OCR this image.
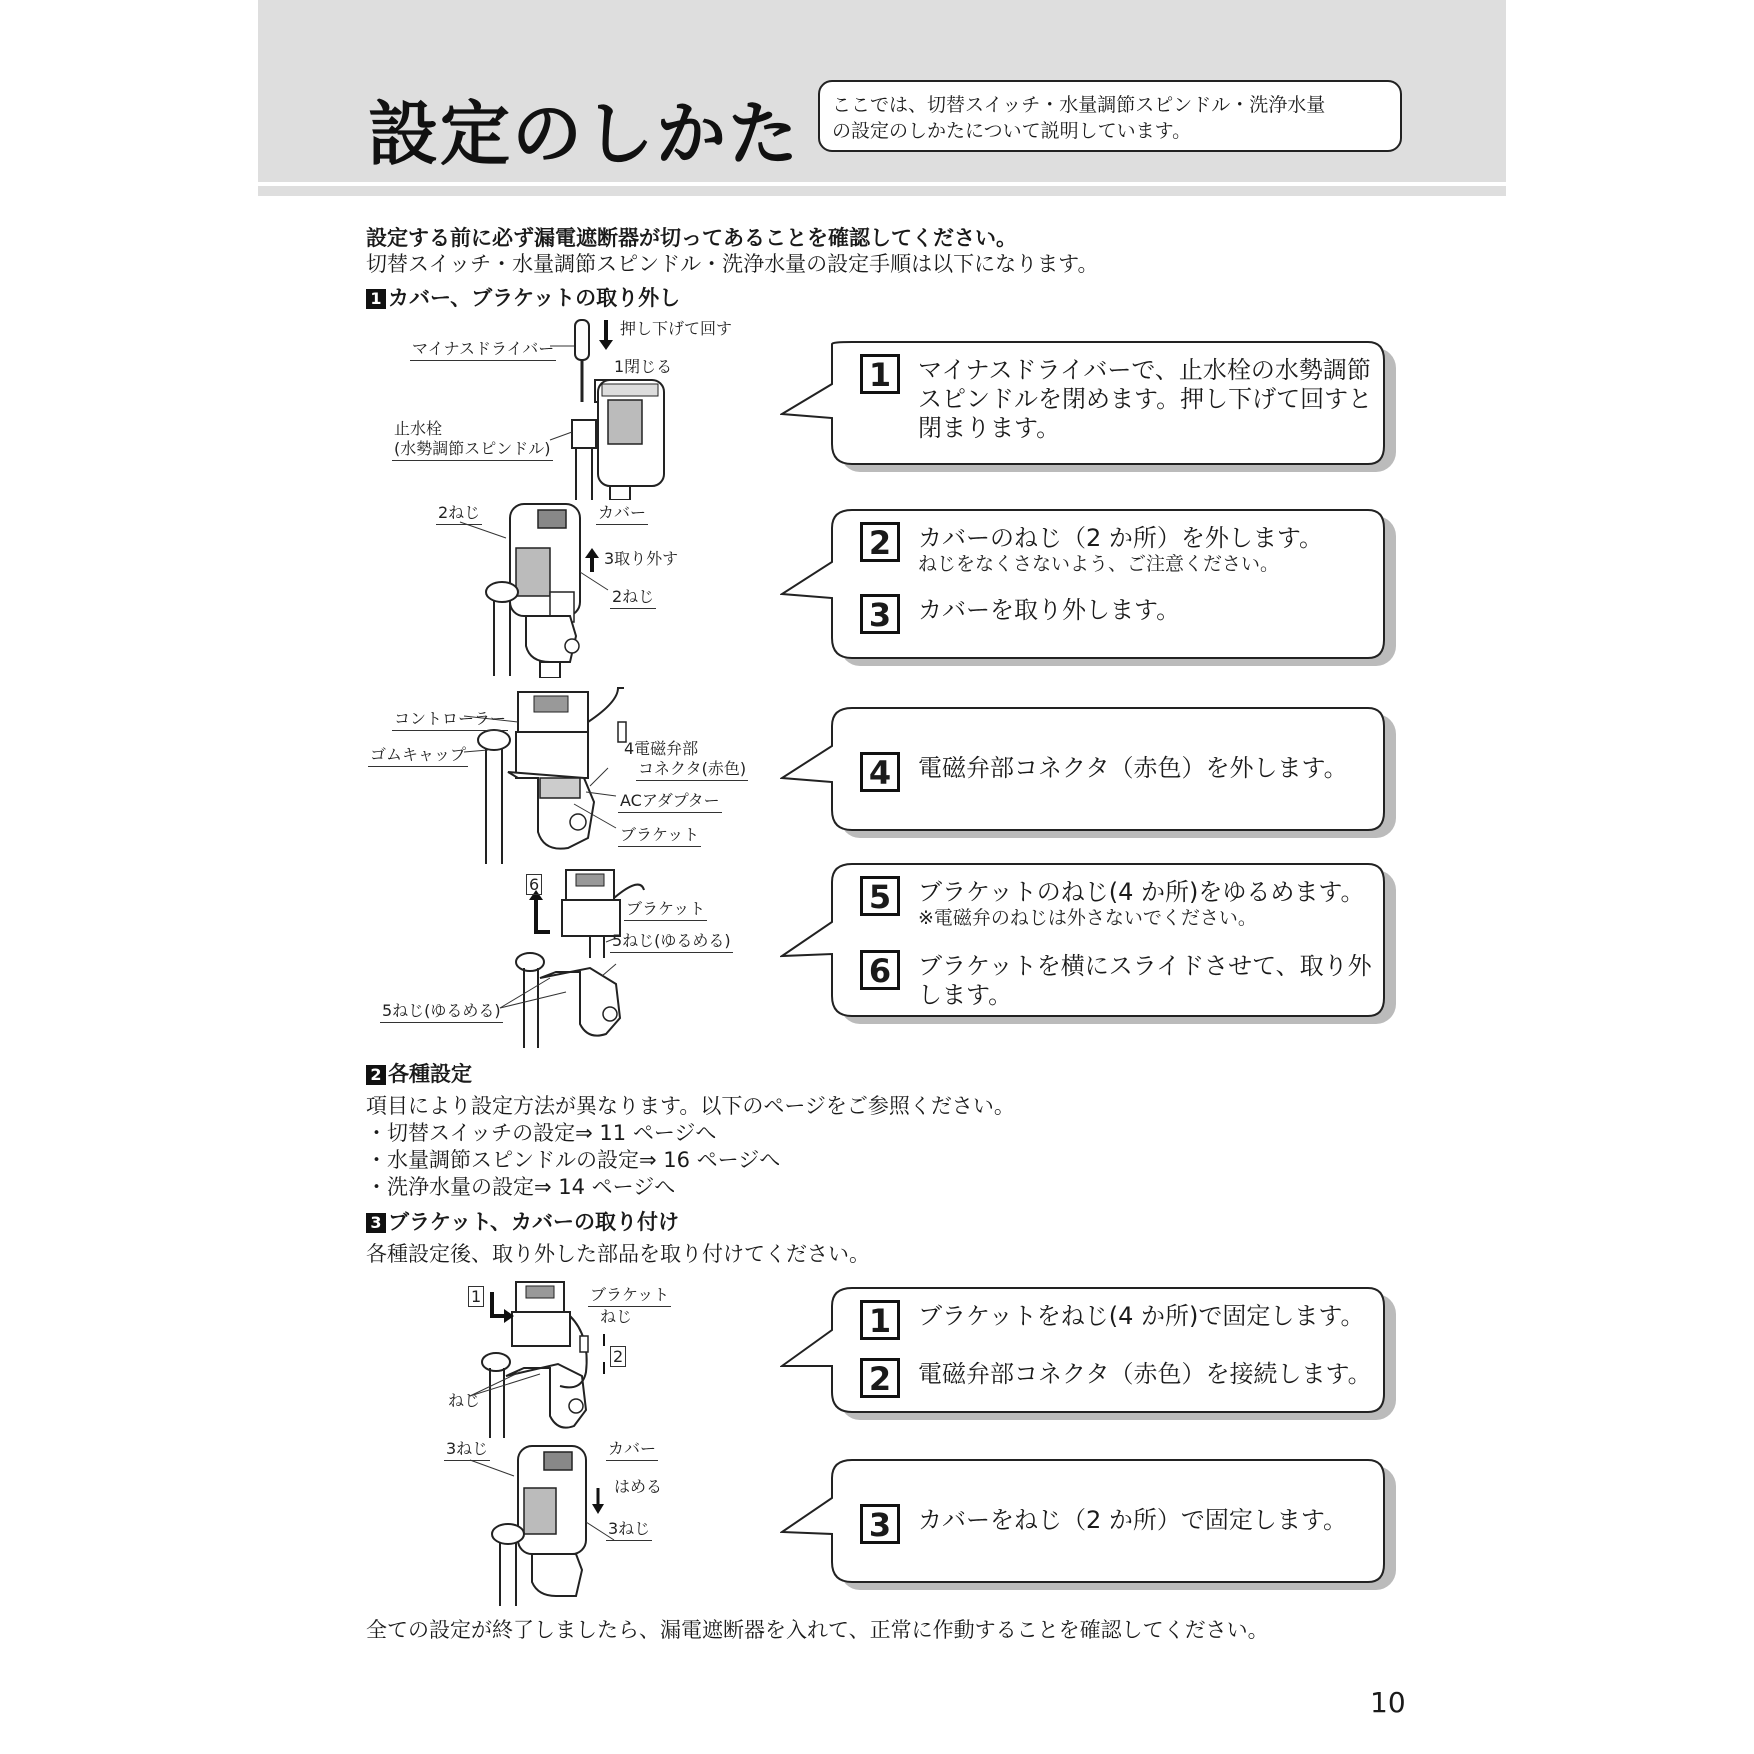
設定のしかた	ここでは、切替スイッチ・水量調節スピンドル・洗浄水量
の設定のしかたについて説明しています。
設定する前に必ず漏電遮断器が切ってあることを確認してください。
切替スイッチ・水量調節スピンドル・洗浄水量の設定手順は以下になります。
1 カバー、ブラケットの取り外し
マイナスドライバー
押し下げて回す
1閉じる
止水栓
(水勢調節スピンドル)
2ねじ	カバー
3取り外す
2ねじ
コントローラー
ゴムキャップ	4電磁弁部
コネクタ(赤色)
ACアダプター
ブラケット
6
ブラケット
5ねじ(ゆるめる)
5ねじ(ゆるめる)
1	マイナスドライバーで、止水栓の水勢調節スピンドルを閉めます。押し下げて回すと閉まります。
2	カバーのねじ（2 か所）を外します。
ねじをなくさないよう、ご注意ください。
3	カバーを取り外します。
4	電磁弁部コネクタ（赤色）を外します。
5	ブラケットのねじ(4 か所)をゆるめます。
※電磁弁のねじは外さないでください。
6	ブラケットを横にスライドさせて、取り外します。
2 各種設定
項目により設定方法が異なります。以下のページをご参照ください。
・切替スイッチの設定⇒ 11 ページへ
・水量調節スピンドルの設定⇒ 16 ページへ
・洗浄水量の設定⇒ 14 ページへ
3 ブラケット、カバーの取り付け
各種設定後、取り外した部品を取り付けてください。
1	ブラケット
ねじ
2
ねじ
3ねじ	カバー
はめる
3ねじ
1	ブラケットをねじ(4 か所)で固定します。
2	電磁弁部コネクタ（赤色）を接続します。
3	カバーをねじ（2 か所）で固定します。
全ての設定が終了しましたら、漏電遮断器を入れて、正常に作動することを確認してください。
10
